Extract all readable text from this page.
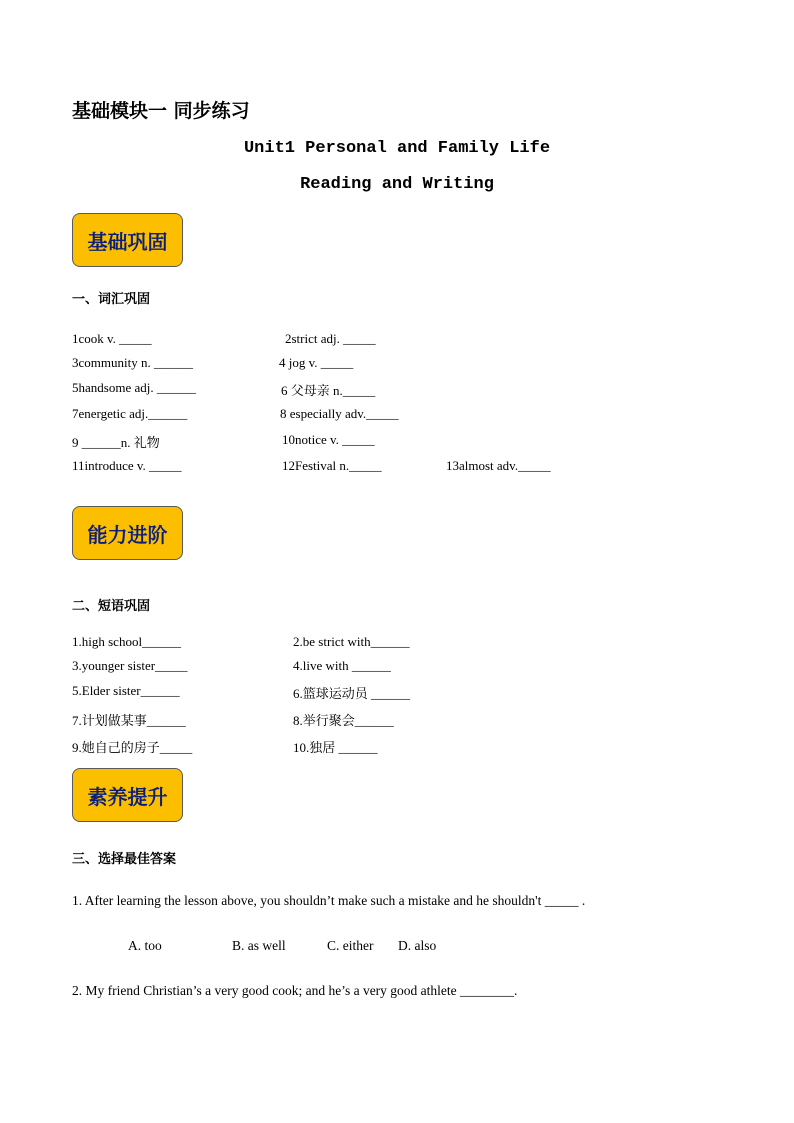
基础模块一 同步练习
Unit1 Personal and Family Life
Reading and Writing
基础巩固
一、词汇巩固
1cook v. _____	2strict adj. _____
3community n. ______	4 jog v. _____
5handsome adj. ______	6 父母亲 n._____
7energetic adj.______	8 especially adv._____
9 ______n. 礼物	10notice v. _____
11introduce v. _____	12Festival n._____	13almost adv._____
能力进阶
二、短语巩固
1.high school______	2.be strict with______
3.younger sister_____	4.live with ______
5.Elder sister______	6.篮球运动员 ______
7.计划做某事______	8.举行聚会______
9.她自己的房子_____	10.独居 ______
素养提升
三、选择最佳答案
1. After learning the lesson above, you shouldn’t make such a mistake and he shouldn't _____ .
A. too	B. as well	C. either D. also
2. My friend Christian’s a very good cook; and he’s a very good athlete ________.
